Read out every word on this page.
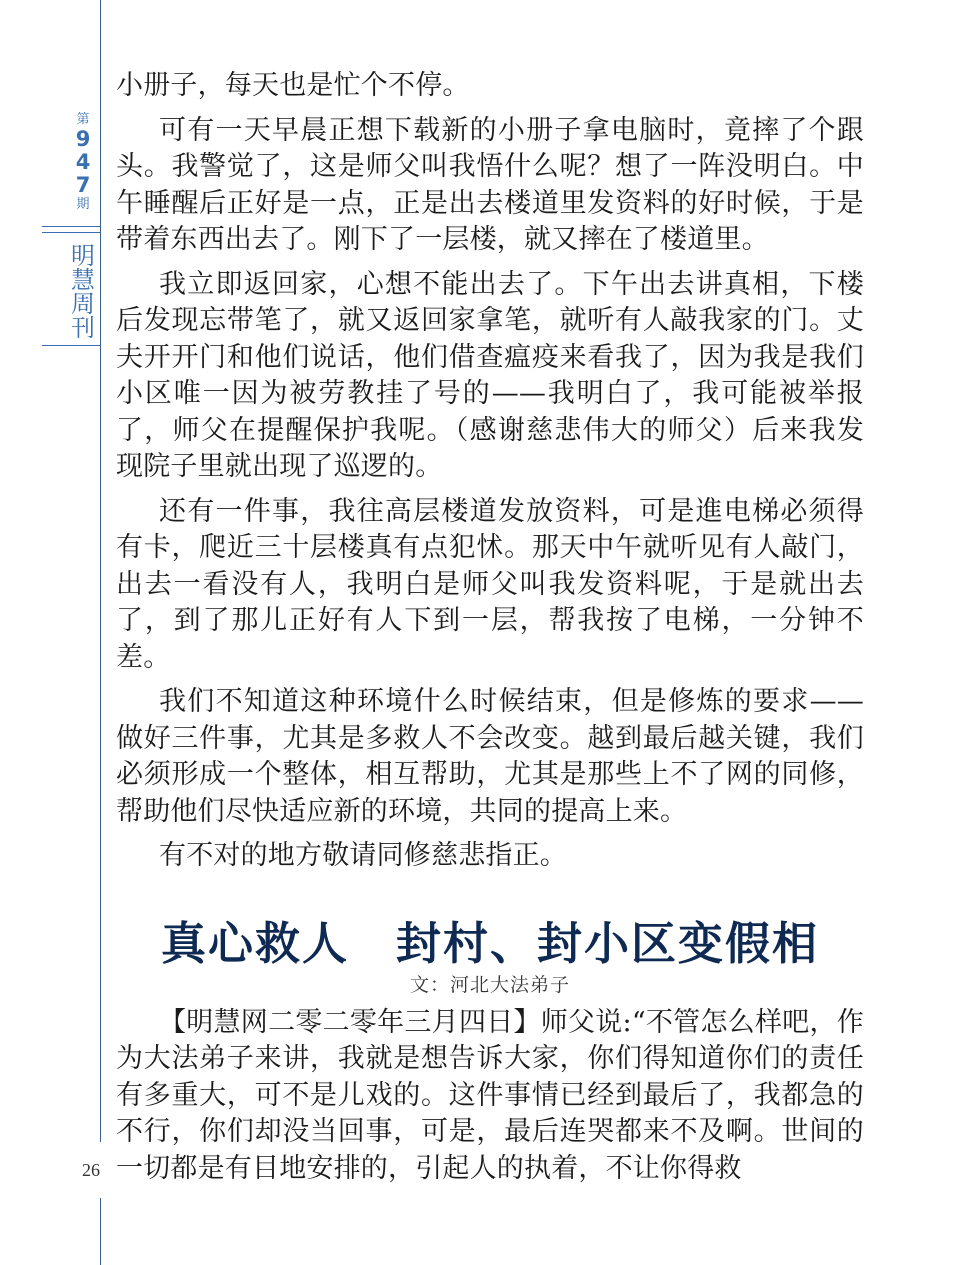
第
9
4
7
期
明
慧
周
刊
26

小册子，每天也是忙个不停。

可有一天早晨正想下载新的小册子拿电脑时，竟摔了个跟头。我警觉了，这是师父叫我悟什么呢？想了一阵没明白。中午睡醒后正好是一点，正是出去楼道里发资料的好时候，于是带着东西出去了。刚下了一层楼，就又摔在了楼道里。

我立即返回家，心想不能出去了。下午出去讲真相，下楼后发现忘带笔了，就又返回家拿笔，就听有人敲我家的门。丈夫开开门和他们说话，他们借查瘟疫来看我了，因为我是我们小区唯一因为被劳教挂了号的——我明白了，我可能被举报了，师父在提醒保护我呢。（感谢慈悲伟大的师父）后来我发现院子里就出现了巡逻的。

还有一件事，我往高层楼道发放资料，可是進电梯必须得有卡，爬近三十层楼真有点犯怵。那天中午就听见有人敲门，出去一看没有人，我明白是师父叫我发资料呢，于是就出去了，到了那儿正好有人下到一层，帮我按了电梯，一分钟不差。

我们不知道这种环境什么时候结束，但是修炼的要求——做好三件事，尤其是多救人不会改变。越到最后越关键，我们必须形成一个整体，相互帮助，尤其是那些上不了网的同修，帮助他们尽快适应新的环境，共同的提高上来。

有不对的地方敬请同修慈悲指正。

真心救人　封村、封小区变假相
文：河北大法弟子

【明慧网二零二零年三月四日】师父说:“不管怎么样吧，作为大法弟子来讲，我就是想告诉大家，你们得知道你们的责任有多重大，可不是儿戏的。这件事情已经到最后了，我都急的不行，你们却没当回事，可是，最后连哭都来不及啊。世间的一切都是有目地安排的，引起人的执着，不让你得救
